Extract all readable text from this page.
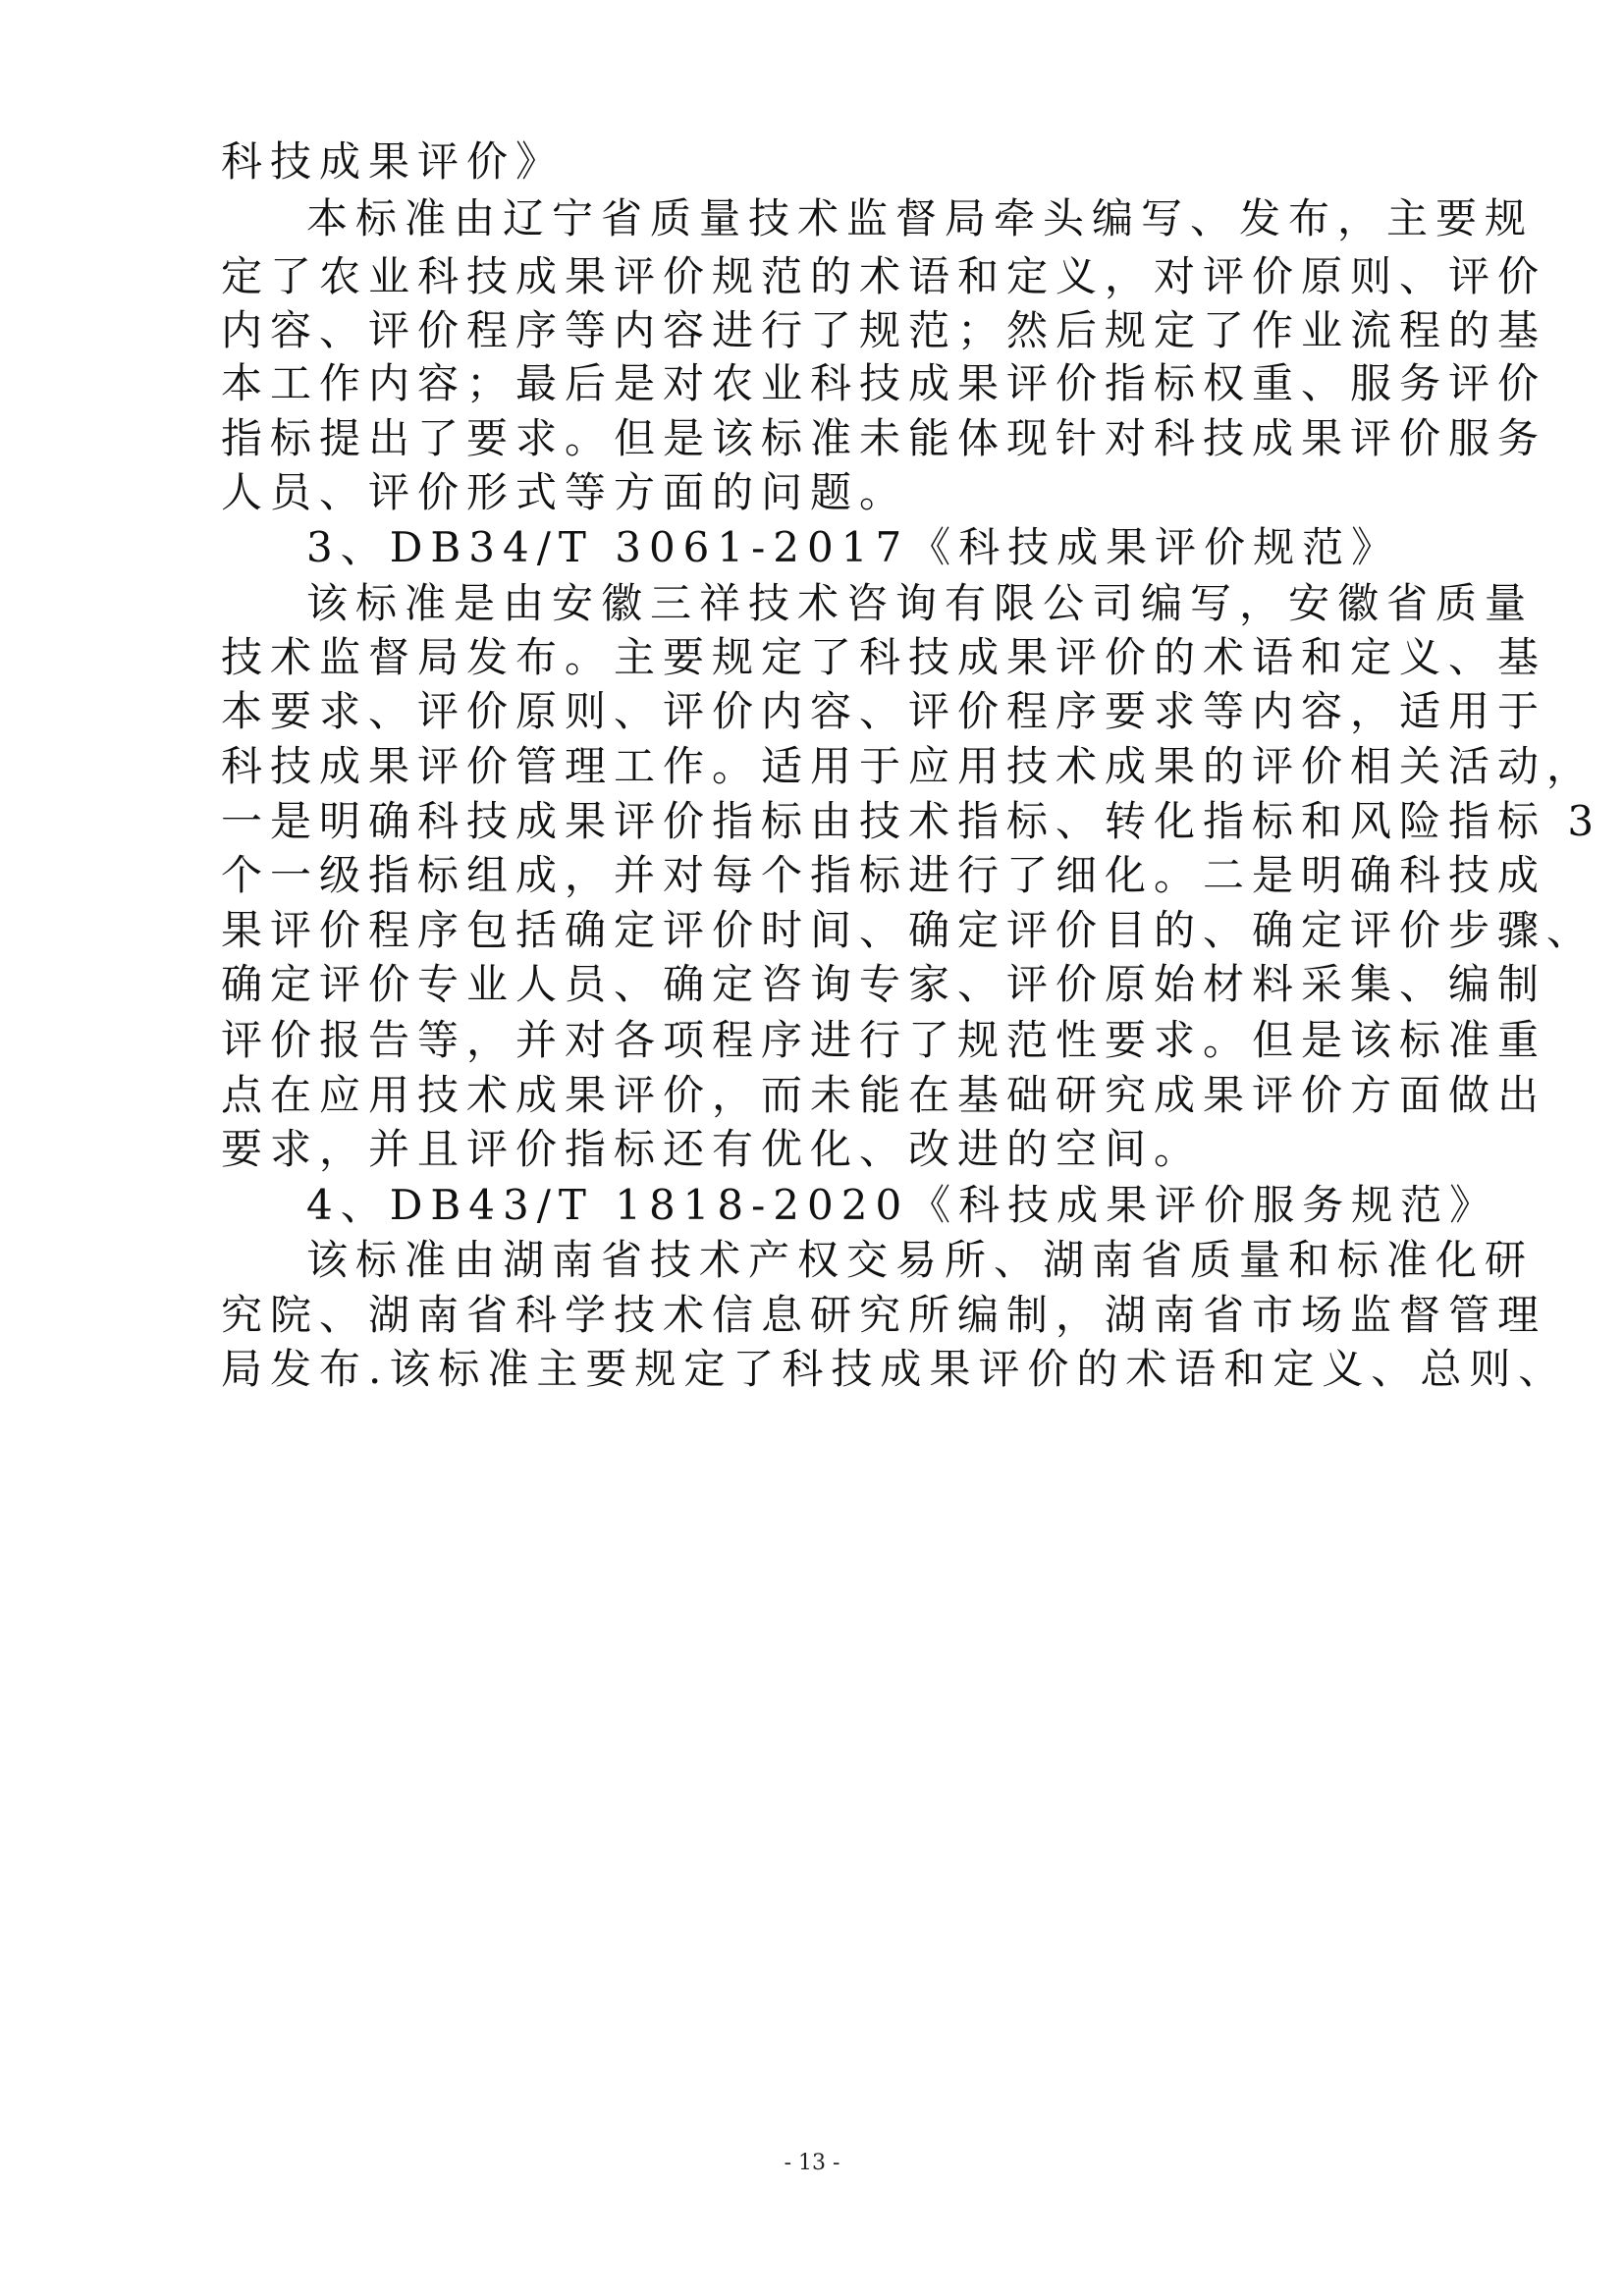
科技成果评价》
本标准由辽宁省质量技术监督局牵头编写、发布，主要规
定了农业科技成果评价规范的术语和定义，对评价原则、评价
内容、评价程序等内容进行了规范；然后规定了作业流程的基
本工作内容；最后是对农业科技成果评价指标权重、服务评价
指标提出了要求。但是该标准未能体现针对科技成果评价服务
人员、评价形式等方面的问题。
3、DB34/T 3061-2017《科技成果评价规范》
该标准是由安徽三祥技术咨询有限公司编写，安徽省质量
技术监督局发布。主要规定了科技成果评价的术语和定义、基
本要求、评价原则、评价内容、评价程序要求等内容，适用于
科技成果评价管理工作。适用于应用技术成果的评价相关活动，
一是明确科技成果评价指标由技术指标、转化指标和风险指标 3
个一级指标组成，并对每个指标进行了细化。二是明确科技成
果评价程序包括确定评价时间、确定评价目的、确定评价步骤、
确定评价专业人员、确定咨询专家、评价原始材料采集、编制
评价报告等，并对各项程序进行了规范性要求。但是该标准重
点在应用技术成果评价，而未能在基础研究成果评价方面做出
要求，并且评价指标还有优化、改进的空间。
4、DB43/T 1818-2020《科技成果评价服务规范》
该标准由湖南省技术产权交易所、湖南省质量和标准化研
究院、湖南省科学技术信息研究所编制，湖南省市场监督管理
局发布.该标准主要规定了科技成果评价的术语和定义、总则、
- 13 -
